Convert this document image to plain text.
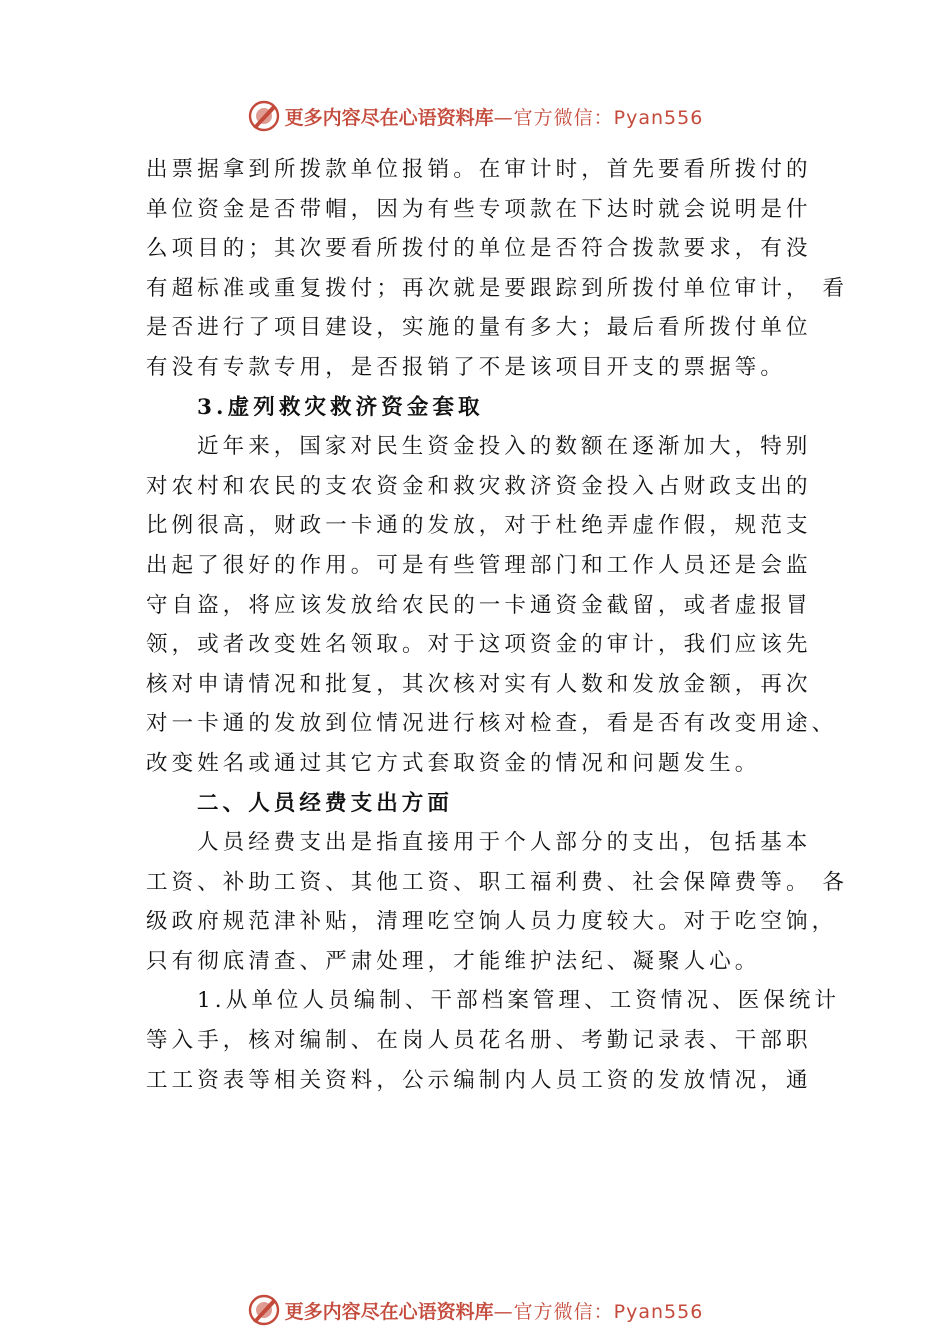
更多内容尽在心语资料库 —官方微信：Pyan556
出票据拿到所拨款单位报销。在审计时，首先要看所拨付的
单位资金是否带帽，因为有些专项款在下达时就会说明是什
么项目的；其次要看所拨付的单位是否符合拨款要求，有没
有超标准或重复拨付；再次就是要跟踪到所拨付单位审计， 看
是否进行了项目建设，实施的量有多大；最后看所拨付单位
有没有专款专用，是否报销了不是该项目开支的票据等。
3.虚列救灾救济资金套取
近年来，国家对民生资金投入的数额在逐渐加大，特别
对农村和农民的支农资金和救灾救济资金投入占财政支出的
比例很高，财政一卡通的发放，对于杜绝弄虚作假，规范支
出起了很好的作用。可是有些管理部门和工作人员还是会监
守自盗，将应该发放给农民的一卡通资金截留，或者虚报冒
领，或者改变姓名领取。对于这项资金的审计，我们应该先
核对申请情况和批复，其次核对实有人数和发放金额，再次
对一卡通的发放到位情况进行核对检查，看是否有改变用途、
改变姓名或通过其它方式套取资金的情况和问题发生。
二、人员经费支出方面
人员经费支出是指直接用于个人部分的支出，包括基本
工资、补助工资、其他工资、职工福利费、社会保障费等。 各
级政府规范津补贴，清理吃空饷人员力度较大。对于吃空饷，
只有彻底清查、严肃处理，才能维护法纪、凝聚人心。
1.从单位人员编制、干部档案管理、工资情况、医保统计
等入手，核对编制、在岗人员花名册、考勤记录表、干部职
工工资表等相关资料，公示编制内人员工资的发放情况，通
更多内容尽在心语资料库 —官方微信：Pyan556
